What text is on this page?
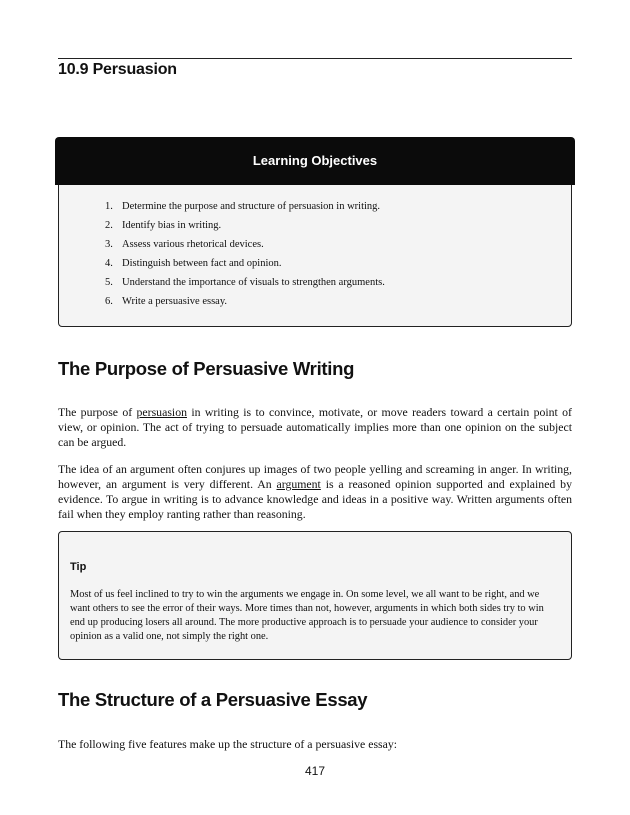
10.9 Persuasion
Learning Objectives
1. Determine the purpose and structure of persuasion in writing.
2. Identify bias in writing.
3. Assess various rhetorical devices.
4. Distinguish between fact and opinion.
5. Understand the importance of visuals to strengthen arguments.
6. Write a persuasive essay.
The Purpose of Persuasive Writing

The purpose of persuasion in writing is to convince, motivate, or move readers toward a certain point of view, or opinion. The act of trying to persuade automatically implies more than one opinion on the subject can be argued.

The idea of an argument often conjures up images of two people yelling and screaming in anger. In writing, however, an argument is very different. An argument is a reasoned opinion supported and explained by evidence. To argue in writing is to advance knowledge and ideas in a positive way. Written arguments often fail when they employ ranting rather than reasoning.

Tip

Most of us feel inclined to try to win the arguments we engage in. On some level, we all want to be right, and we want others to see the error of their ways. More times than not, however, arguments in which both sides try to win end up producing losers all around. The more productive approach is to persuade your audience to consider your opinion as a valid one, not simply the right one.

The Structure of a Persuasive Essay

The following five features make up the structure of a persuasive essay:

417
